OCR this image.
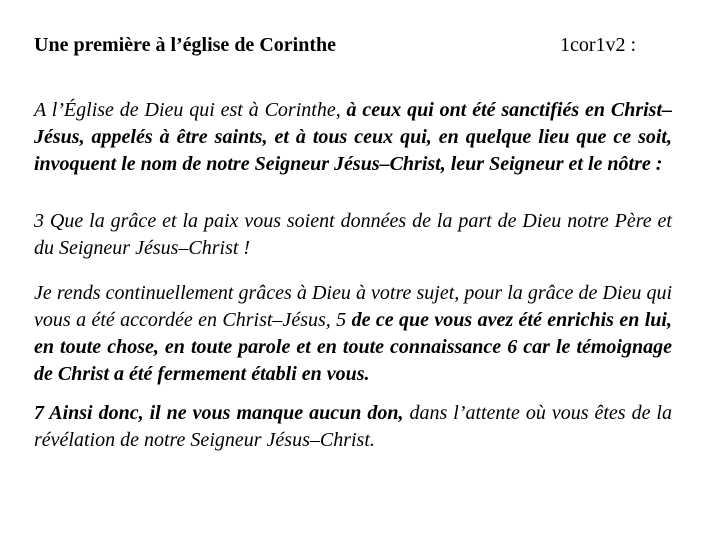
Une première à l’église de Corinthe	1cor1v2 :
A l’Église de Dieu qui est à Corinthe, à ceux qui ont été sanctifiés en Christ–Jésus, appelés à être saints, et à tous ceux qui, en quelque lieu que ce soit, invoquent le nom de notre Seigneur Jésus–Christ, leur Seigneur et le nôtre :
3 Que la grâce et la paix vous soient données de la part de Dieu notre Père et du Seigneur Jésus–Christ !
Je rends continuellement grâces à Dieu à votre sujet, pour la grâce de Dieu qui vous a été accordée en Christ–Jésus, 5 de ce que vous avez été enrichis en lui, en toute chose, en toute parole et en toute connaissance 6 car le témoignage de Christ a été fermement établi en vous.
7 Ainsi donc, il ne vous manque aucun don, dans l’attente où vous êtes de la révélation de notre Seigneur Jésus–Christ.
